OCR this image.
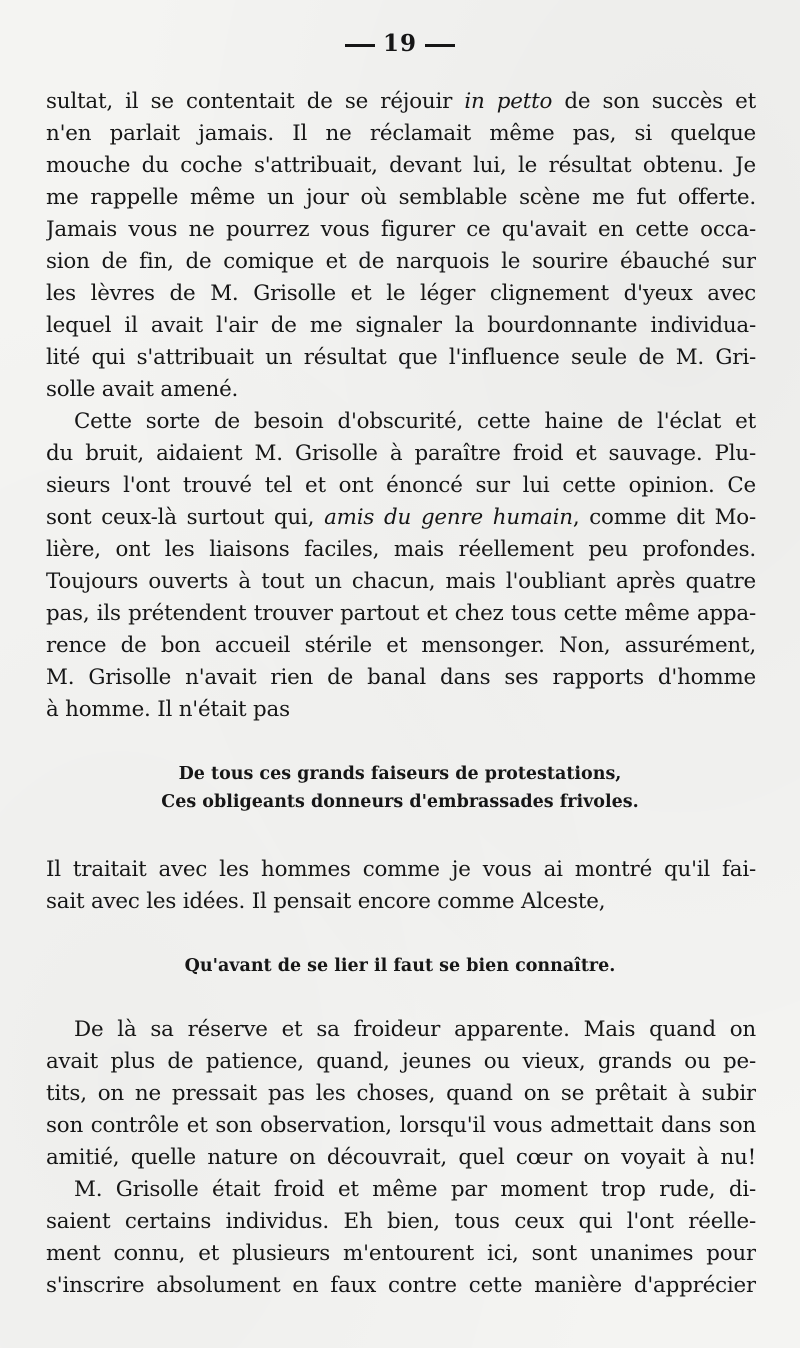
19
sultat, il se contentait de se réjouir in petto de son succès et
n'en parlait jamais. Il ne réclamait même pas, si quelque
mouche du coche s'attribuait, devant lui, le résultat obtenu. Je
me rappelle même un jour où semblable scène me fut offerte.
Jamais vous ne pourrez vous figurer ce qu'avait en cette occa-
sion de fin, de comique et de narquois le sourire ébauché sur
les lèvres de M. Grisolle et le léger clignement d'yeux avec
lequel il avait l'air de me signaler la bourdonnante individua-
lité qui s'attribuait un résultat que l'influence seule de M. Gri-
solle avait amené.
Cette sorte de besoin d'obscurité, cette haine de l'éclat et
du bruit, aidaient M. Grisolle à paraître froid et sauvage. Plu-
sieurs l'ont trouvé tel et ont énoncé sur lui cette opinion. Ce
sont ceux-là surtout qui, amis du genre humain, comme dit Mo-
lière, ont les liaisons faciles, mais réellement peu profondes.
Toujours ouverts à tout un chacun, mais l'oubliant après quatre
pas, ils prétendent trouver partout et chez tous cette même appa-
rence de bon accueil stérile et mensonger. Non, assurément,
M. Grisolle n'avait rien de banal dans ses rapports d'homme
à homme. Il n'était pas
De tous ces grands faiseurs de protestations,
Ces obligeants donneurs d'embrassades frivoles.
Il traitait avec les hommes comme je vous ai montré qu'il fai-
sait avec les idées. Il pensait encore comme Alceste,
Qu'avant de se lier il faut se bien connaître.
De là sa réserve et sa froideur apparente. Mais quand on
avait plus de patience, quand, jeunes ou vieux, grands ou pe-
tits, on ne pressait pas les choses, quand on se prêtait à subir
son contrôle et son observation, lorsqu'il vous admettait dans son
amitié, quelle nature on découvrait, quel cœur on voyait à nu!
M. Grisolle était froid et même par moment trop rude, di-
saient certains individus. Eh bien, tous ceux qui l'ont réelle-
ment connu, et plusieurs m'entourent ici, sont unanimes pour
s'inscrire absolument en faux contre cette manière d'apprécier
